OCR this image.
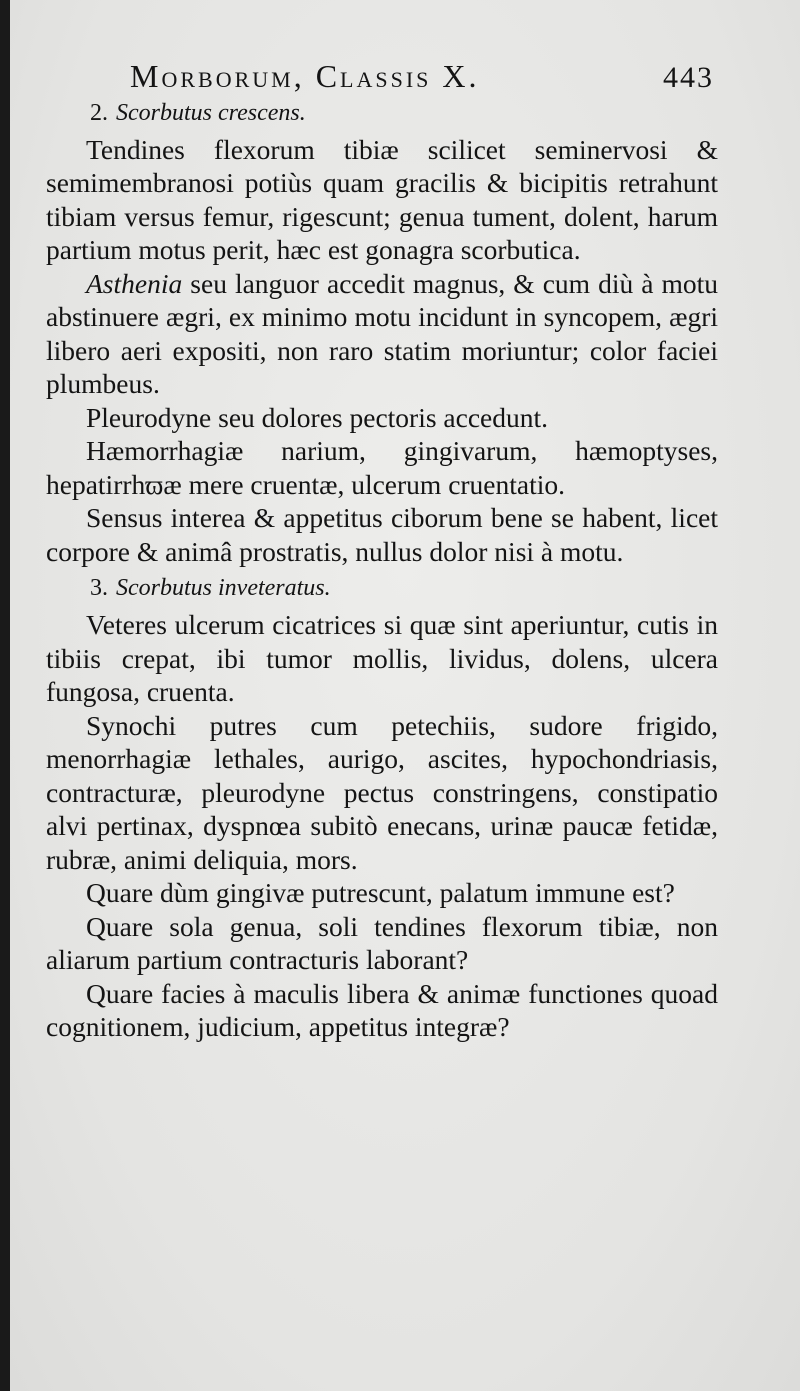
Morborum, Classis X.	443
2. Scorbutus crescens.

Tendines flexorum tibiæ scilicet seminervosi & semimembranosi potiùs quam gracilis & bicipitis retrahunt tibiam versus femur, rigescunt; genua tument, dolent, harum partium motus perit, hæc est gonagra scorbutica.

Asthenia seu languor accedit magnus, & cum diù à motu abstinuere ægri, ex minimo motu incidunt in syncopem, ægri libero aeri expositi, non raro statim moriuntur; color faciei plumbeus.

Pleurodyne seu dolores pectoris accedunt.

Hæmorrhagiæ narium, gingivarum, hæmoptyses, hepatirrhϖæ mere cruentæ, ulcerum cruentatio.

Sensus interea & appetitus ciborum bene se habent, licet corpore & animâ prostratis, nullus dolor nisi à motu.

3. Scorbutus inveteratus.

Veteres ulcerum cicatrices si quæ sint aperiuntur, cutis in tibiis crepat, ibi tumor mollis, lividus, dolens, ulcera fungosa, cruenta.

Synochi putres cum petechiis, sudore frigido, menorrhagiæ lethales, aurigo, ascites, hypochondriasis, contracturæ, pleurodyne pectus constringens, constipatio alvi pertinax, dyspnœa subitò enecans, urinæ paucæ fetidæ, rubræ, animi deliquia, mors.

Quare dùm gingivæ putrescunt, palatum immune est?

Quare sola genua, soli tendines flexorum tibiæ, non aliarum partium contracturis laborant?

Quare facies à maculis libera & animæ functiones quoad cognitionem, judicium, appetitus integræ?
